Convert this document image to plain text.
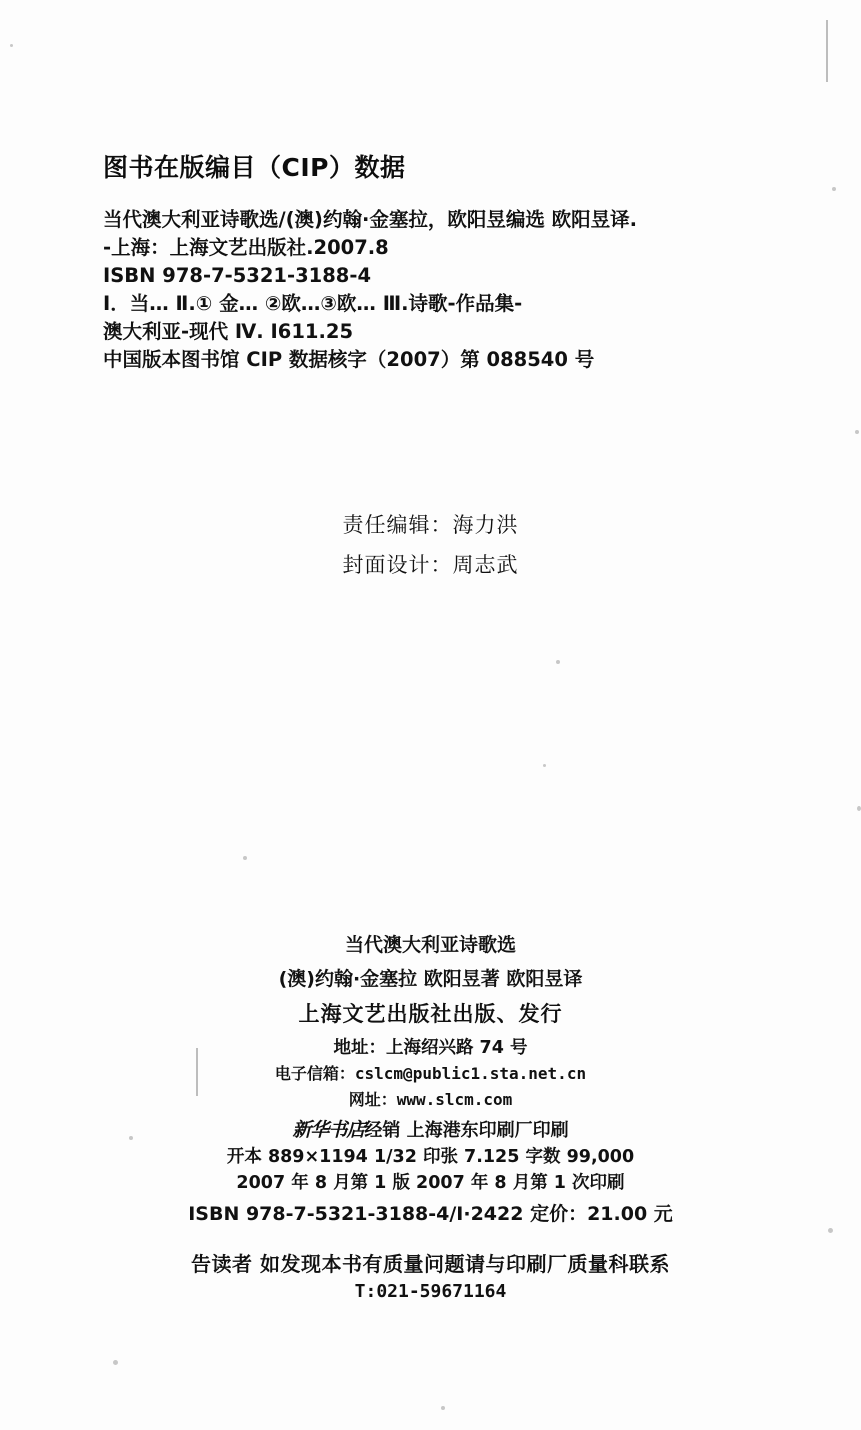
图书在版编目（CIP）数据
当代澳大利亚诗歌选/(澳)约翰·金塞拉，欧阳昱编选 欧阳昱译.
-上海：上海文艺出版社.2007.8
ISBN 978-7-5321-3188-4
Ⅰ．当… Ⅱ.① 金… ②欧…③欧… Ⅲ.诗歌-作品集-
澳大利亚-现代 Ⅳ. I611.25
中国版本图书馆 CIP 数据核字（2007）第 088540 号
责任编辑：海力洪
封面设计：周志武
当代澳大利亚诗歌选
(澳)约翰·金塞拉 欧阳昱著 欧阳昱译
上海文艺出版社出版、发行
地址：上海绍兴路 74 号
电子信箱：cslcm@public1.sta.net.cn
网址：www.slcm.com
新华书店经销 上海港东印刷厂印刷
开本 889×1194 1/32 印张 7.125 字数 99,000
2007 年 8 月第 1 版 2007 年 8 月第 1 次印刷
ISBN 978-7-5321-3188-4/I·2422 定价：21.00 元
告读者 如发现本书有质量问题请与印刷厂质量科联系
T:021-59671164
